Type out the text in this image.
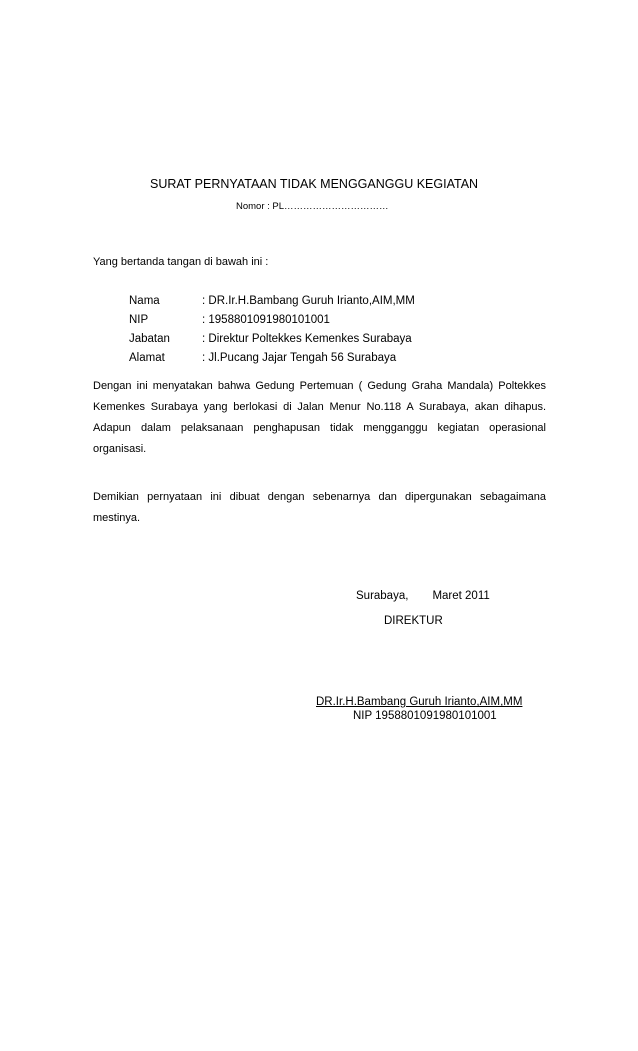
SURAT PERNYATAAN TIDAK MENGGANGGU KEGIATAN
Nomor : PL……………………………
Yang bertanda tangan di bawah ini :
Nama	: DR.Ir.H.Bambang Guruh Irianto,AIM,MM
NIP	: 1958801091980101001
Jabatan	: Direktur Poltekkes Kemenkes Surabaya
Alamat	: Jl.Pucang Jajar Tengah 56 Surabaya
Dengan ini menyatakan bahwa Gedung Pertemuan ( Gedung Graha Mandala) Poltekkes Kemenkes Surabaya yang berlokasi di Jalan Menur No.118 A Surabaya, akan dihapus. Adapun dalam pelaksanaan penghapusan tidak mengganggu kegiatan operasional organisasi.
Demikian pernyataan ini dibuat dengan sebenarnya dan dipergunakan sebagaimana mestinya.
Surabaya, Maret 2011
DIREKTUR
DR.Ir.H.Bambang Guruh Irianto,AIM,MM
NIP 1958801091980101001
